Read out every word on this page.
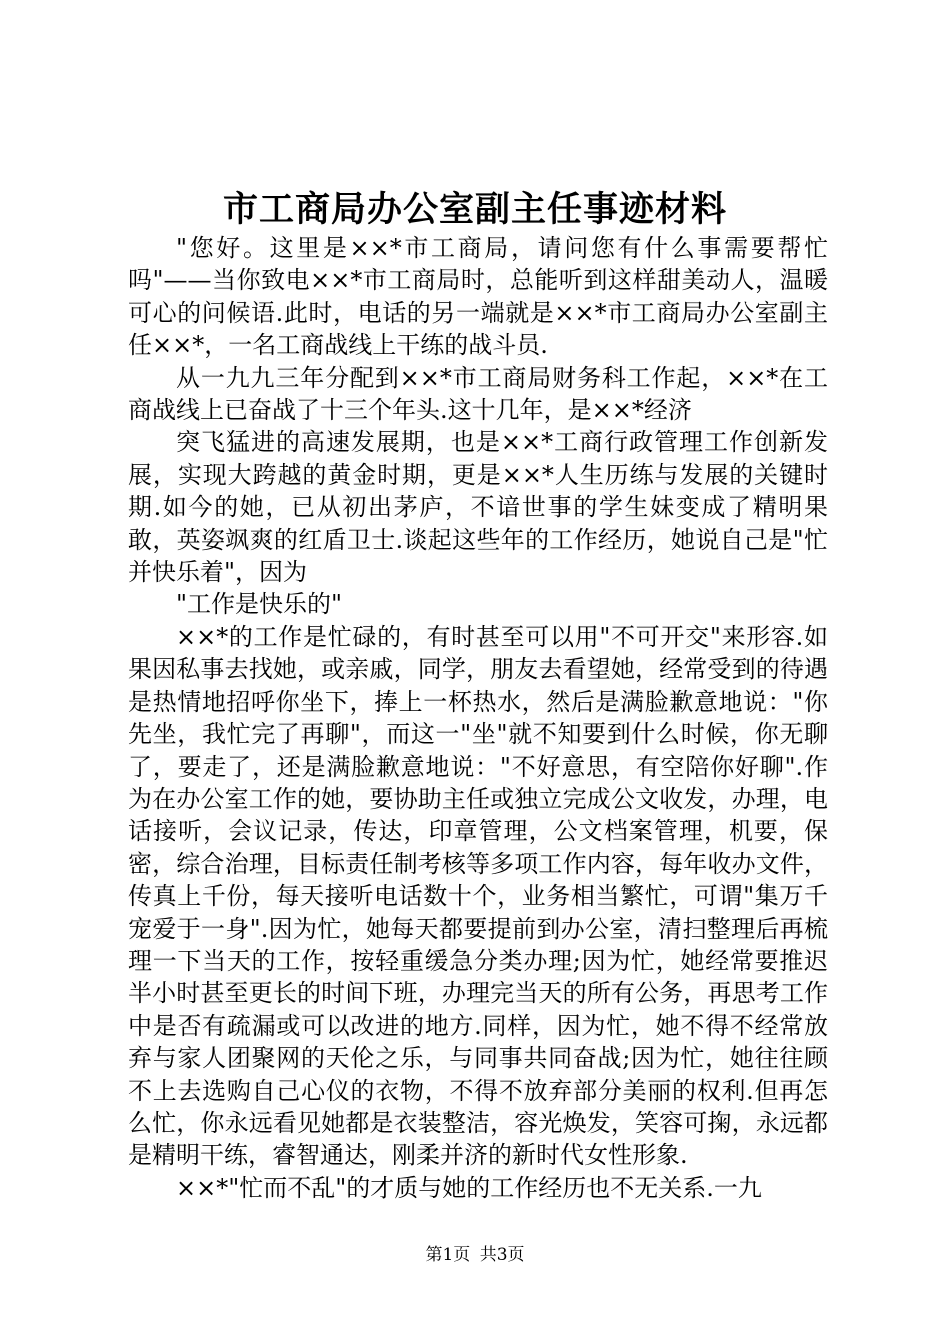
市工商局办公室副主任事迹材料

"您好。这里是××*市工商局，请问您有什么事需要帮忙吗"——当你致电××*市工商局时，总能听到这样甜美动人，温暖可心的问候语.此时，电话的另一端就是××*市工商局办公室副主任××*，一名工商战线上干练的战斗员.

从一九九三年分配到××*市工商局财务科工作起，××*在工商战线上已奋战了十三个年头.这十几年，是××*经济

突飞猛进的高速发展期，也是××*工商行政管理工作创新发展，实现大跨越的黄金时期，更是××*人生历练与发展的关键时期.如今的她，已从初出茅庐，不谙世事的学生妹变成了精明果敢，英姿飒爽的红盾卫士.谈起这些年的工作经历，她说自己是"忙并快乐着"，因为

"工作是快乐的"

××*的工作是忙碌的，有时甚至可以用"不可开交"来形容.如果因私事去找她，或亲戚，同学，朋友去看望她，经常受到的待遇是热情地招呼你坐下，捧上一杯热水，然后是满脸歉意地说："你先坐，我忙完了再聊"，而这一"坐"就不知要到什么时候，你无聊了，要走了，还是满脸歉意地说："不好意思，有空陪你好聊".作为在办公室工作的她，要协助主任或独立完成公文收发，办理，电话接听，会议记录，传达，印章管理，公文档案管理，机要，保密，综合治理，目标责任制考核等多项工作内容，每年收办文件，传真上千份，每天接听电话数十个，业务相当繁忙，可谓"集万千宠爱于一身".因为忙，她每天都要提前到办公室，清扫整理后再梳理一下当天的工作，按轻重缓急分类办理;因为忙，她经常要推迟半小时甚至更长的时间下班，办理完当天的所有公务，再思考工作中是否有疏漏或可以改进的地方.同样，因为忙，她不得不经常放弃与家人团聚网的天伦之乐，与同事共同奋战;因为忙，她往往顾不上去选购自己心仪的衣物，不得不放弃部分美丽的权利.但再怎么忙，你永远看见她都是衣装整洁，容光焕发，笑容可掬，永远都是精明干练，睿智通达，刚柔并济的新时代女性形象.

××*"忙而不乱"的才质与她的工作经历也不无关系.一九

第1页 共3页
